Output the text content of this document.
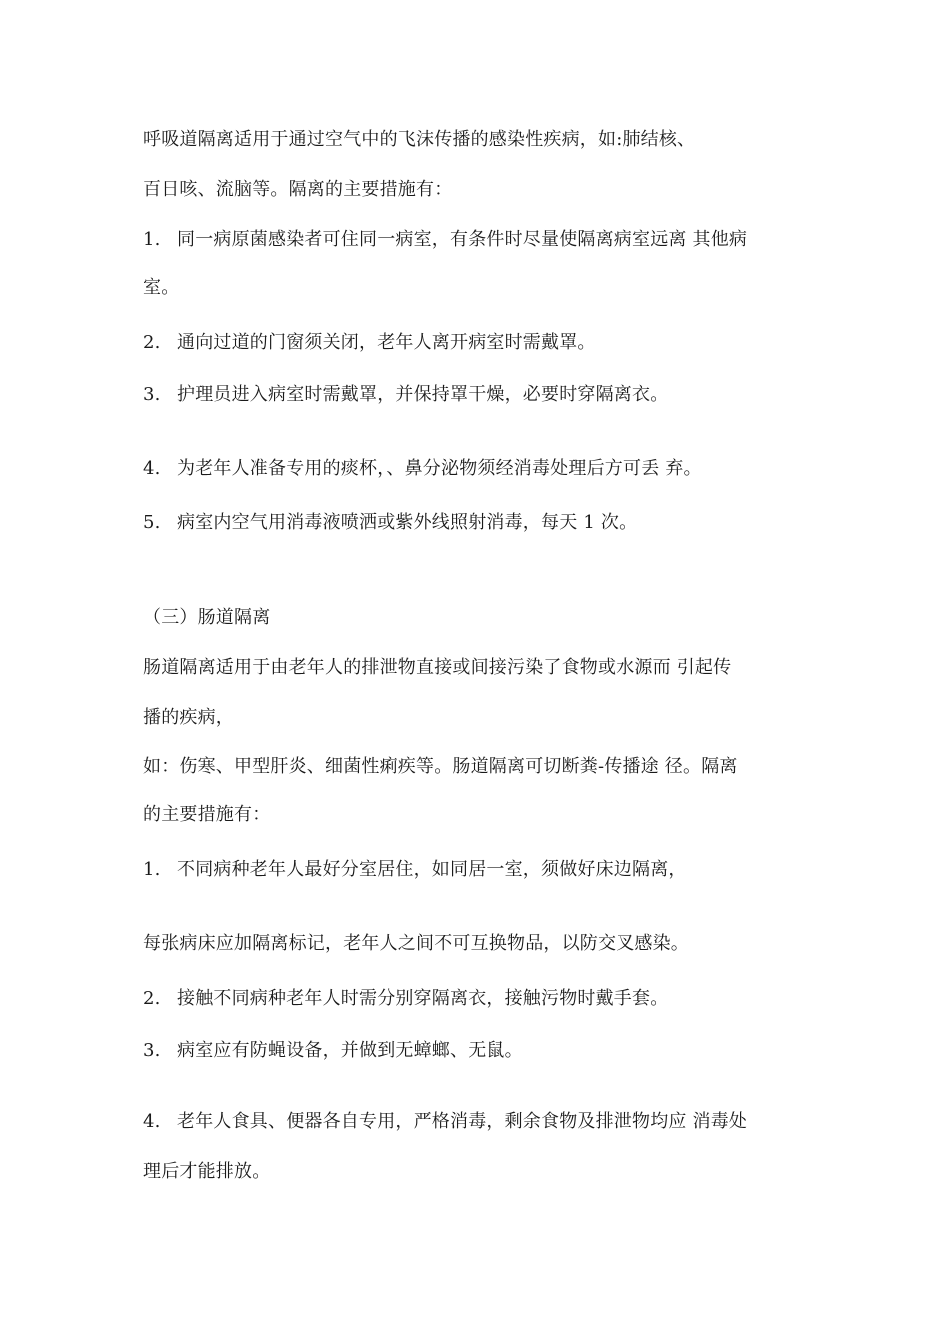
呼吸道隔离适用于通过空气中的飞沫传播的感染性疾病，如:肺结核、
百日咳、流脑等。隔离的主要措施有：
1. 同一病原菌感染者可住同一病室，有条件时尽量使隔离病室远离 其他病
室。
2. 通向过道的门窗须关闭，老年人离开病室时需戴罩。
3. 护理员进入病室时需戴罩，并保持罩干燥，必要时穿隔离衣。
4. 为老年人准备专用的痰杯，、鼻分泌物须经消毒处理后方可丢 弃。
5. 病室内空气用消毒液喷洒或紫外线照射消毒，每天 1 次。
（三）肠道隔离
肠道隔离适用于由老年人的排泄物直接或间接污染了食物或水源而 引起传
播的疾病，
如：伤寒、甲型肝炎、细菌性痢疾等。肠道隔离可切断粪-传播途 径。隔离
的主要措施有：
1. 不同病种老年人最好分室居住，如同居一室，须做好床边隔离，
每张病床应加隔离标记，老年人之间不可互换物品，以防交叉感染。
2. 接触不同病种老年人时需分别穿隔离衣，接触污物时戴手套。
3. 病室应有防蝇设备，并做到无蟑螂、无鼠。
4. 老年人食具、便器各自专用，严格消毒，剩余食物及排泄物均应 消毒处
理后才能排放。
